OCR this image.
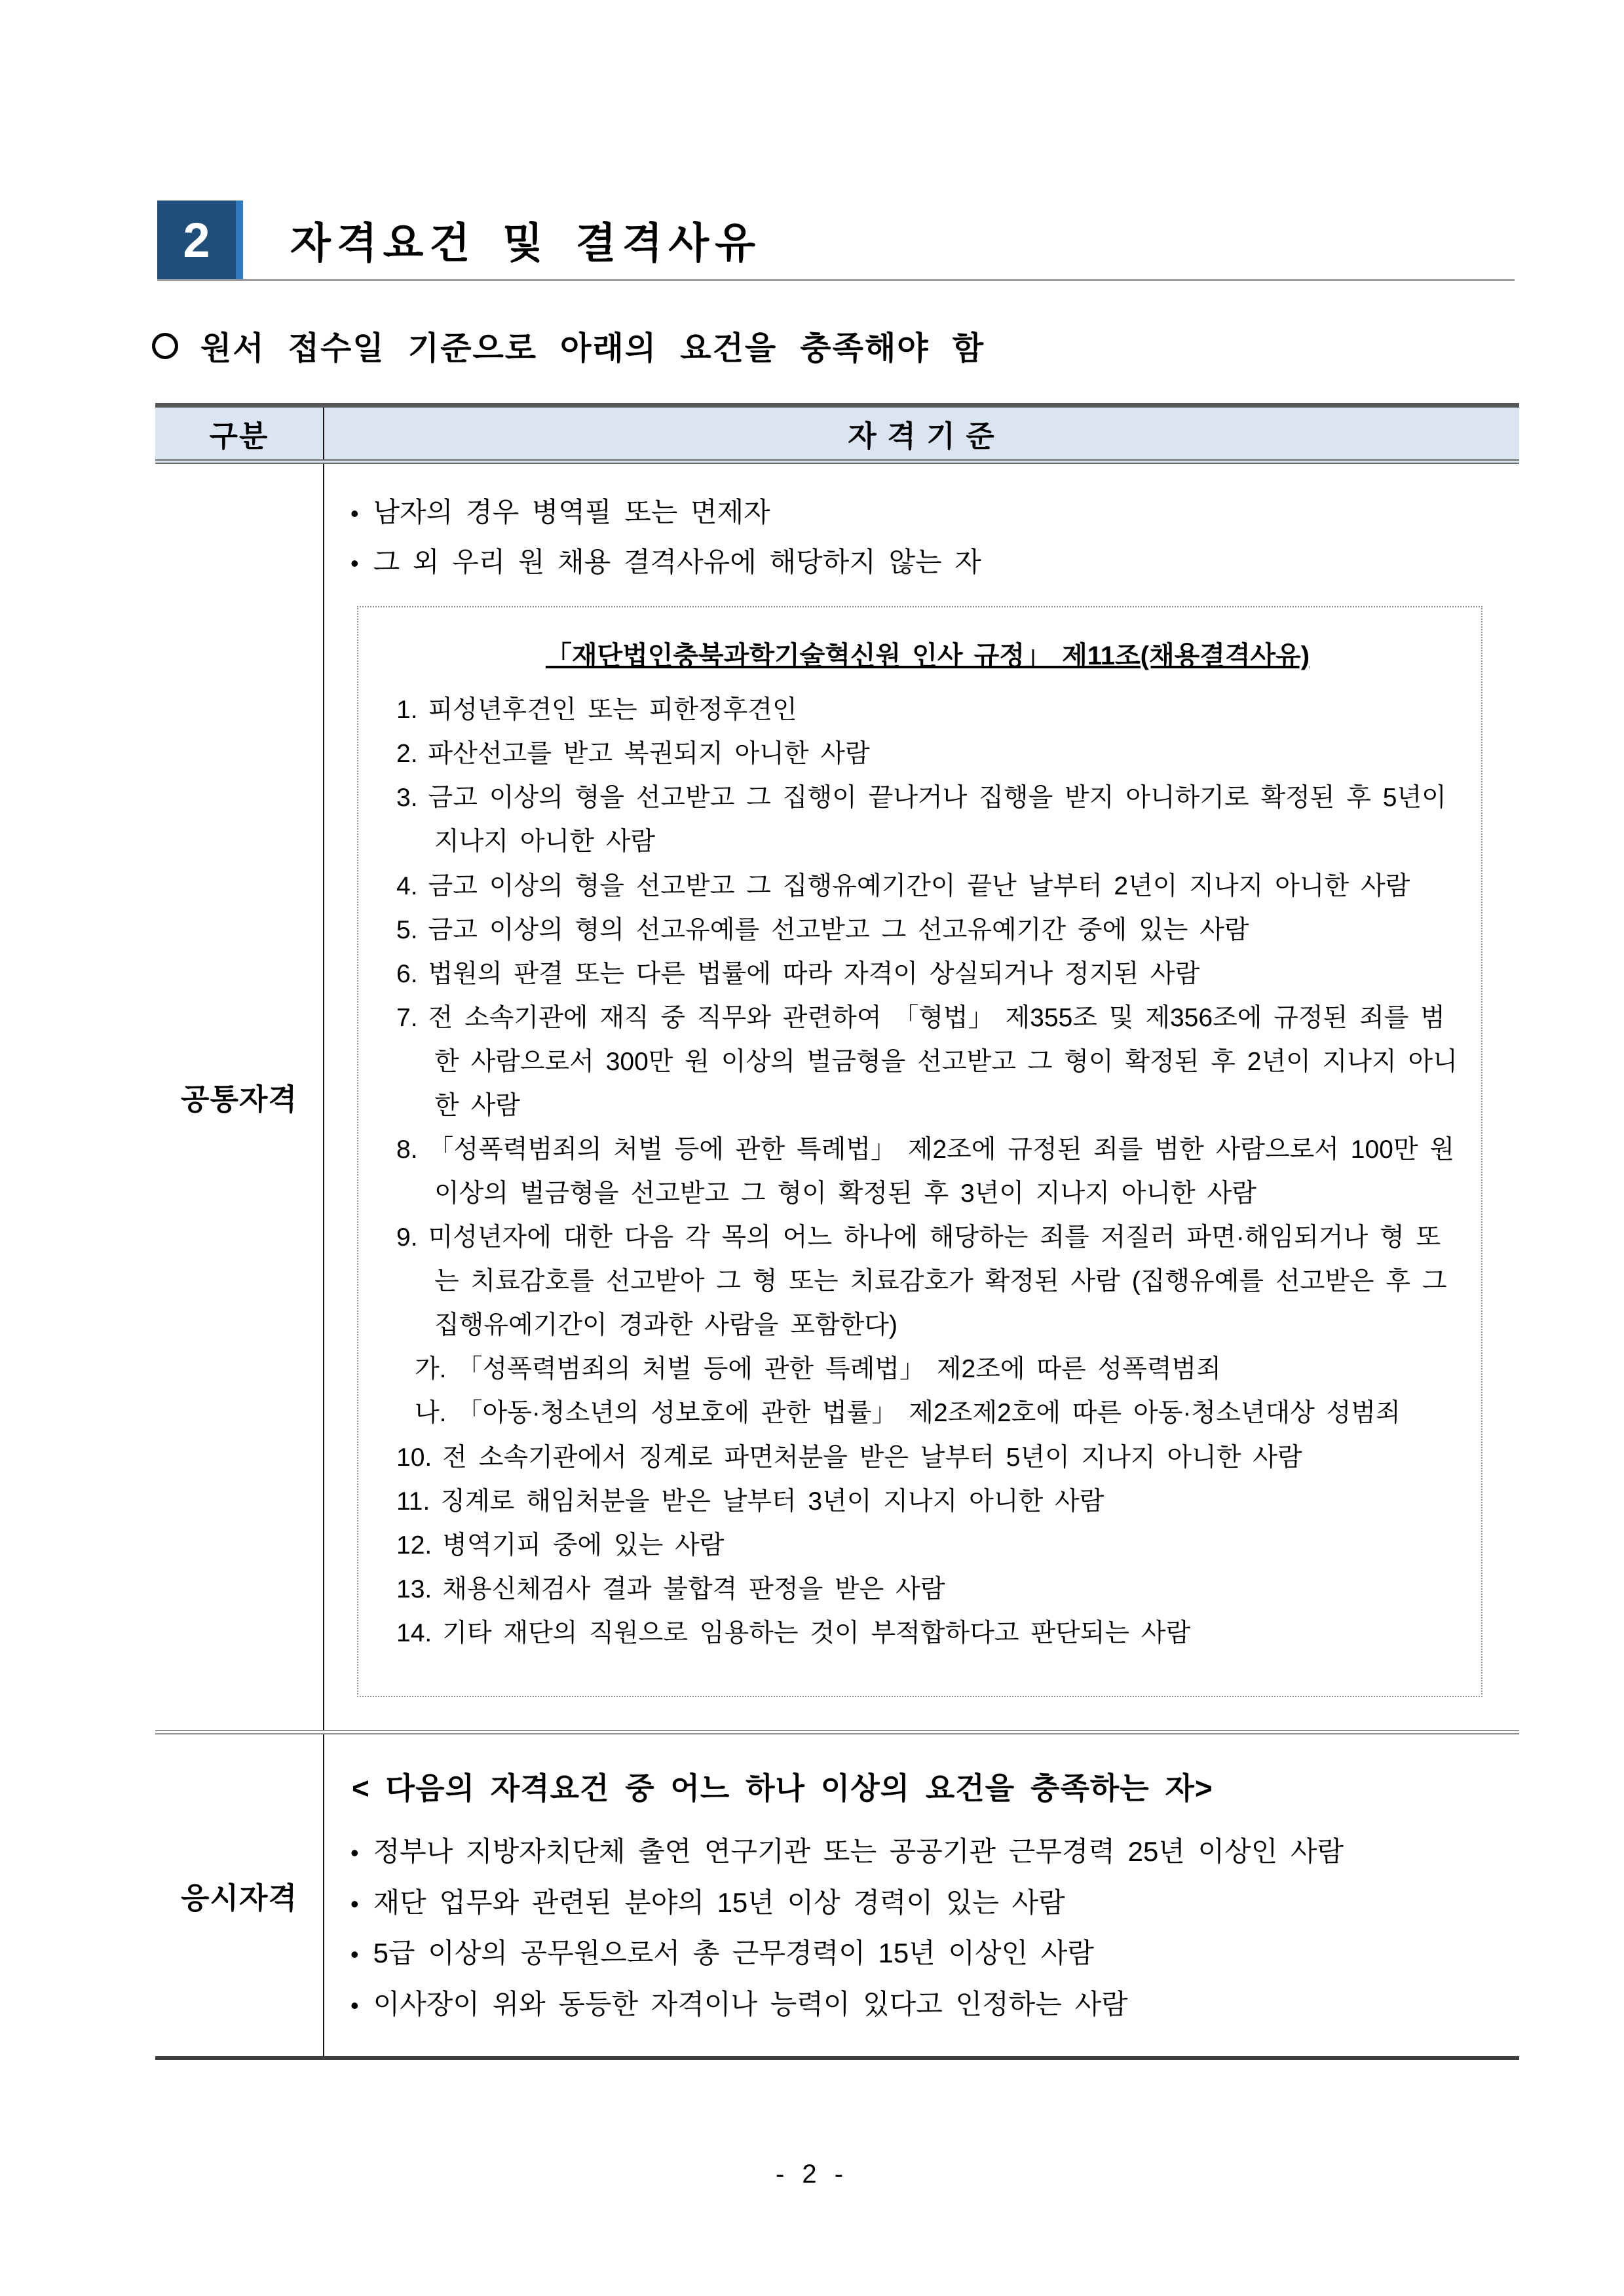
2 자격요건 및 결격사유
원서 접수일 기준으로 아래의 요건을 충족해야 함
구분	자 격 기 준
공통자격
• 남자의 경우 병역필 또는 면제자
• 그 외 우리 원 채용 결격사유에 해당하지 않는 자
「재단법인충북과학기술혁신원 인사 규정」 제11조(채용결격사유)
1. 피성년후견인 또는 피한정후견인
2. 파산선고를 받고 복권되지 아니한 사람
3. 금고 이상의 형을 선고받고 그 집행이 끝나거나 집행을 받지 아니하기로 확정된 후 5년이 지나지 아니한 사람
4. 금고 이상의 형을 선고받고 그 집행유예기간이 끝난 날부터 2년이 지나지 아니한 사람
5. 금고 이상의 형의 선고유예를 선고받고 그 선고유예기간 중에 있는 사람
6. 법원의 판결 또는 다른 법률에 따라 자격이 상실되거나 정지된 사람
7. 전 소속기관에 재직 중 직무와 관련하여 「형법」 제355조 및 제356조에 규정된 죄를 범한 사람으로서 300만 원 이상의 벌금형을 선고받고 그 형이 확정된 후 2년이 지나지 아니한 사람
8. 「성폭력범죄의 처벌 등에 관한 특례법」 제2조에 규정된 죄를 범한 사람으로서 100만 원 이상의 벌금형을 선고받고 그 형이 확정된 후 3년이 지나지 아니한 사람
9. 미성년자에 대한 다음 각 목의 어느 하나에 해당하는 죄를 저질러 파면·해임되거나 형 또는 치료감호를 선고받아 그 형 또는 치료감호가 확정된 사람 (집행유예를 선고받은 후 그 집행유예기간이 경과한 사람을 포함한다)
가. 「성폭력범죄의 처벌 등에 관한 특례법」 제2조에 따른 성폭력범죄
나. 「아동·청소년의 성보호에 관한 법률」 제2조제2호에 따른 아동·청소년대상 성범죄
10. 전 소속기관에서 징계로 파면처분을 받은 날부터 5년이 지나지 아니한 사람
11. 징계로 해임처분을 받은 날부터 3년이 지나지 아니한 사람
12. 병역기피 중에 있는 사람
13. 채용신체검사 결과 불합격 판정을 받은 사람
14. 기타 재단의 직원으로 임용하는 것이 부적합하다고 판단되는 사람
응시자격
< 다음의 자격요건 중 어느 하나 이상의 요건을 충족하는 자>
• 정부나 지방자치단체 출연 연구기관 또는 공공기관 근무경력 25년 이상인 사람
• 재단 업무와 관련된 분야의 15년 이상 경력이 있는 사람
• 5급 이상의 공무원으로서 총 근무경력이 15년 이상인 사람
• 이사장이 위와 동등한 자격이나 능력이 있다고 인정하는 사람
- 2 -
